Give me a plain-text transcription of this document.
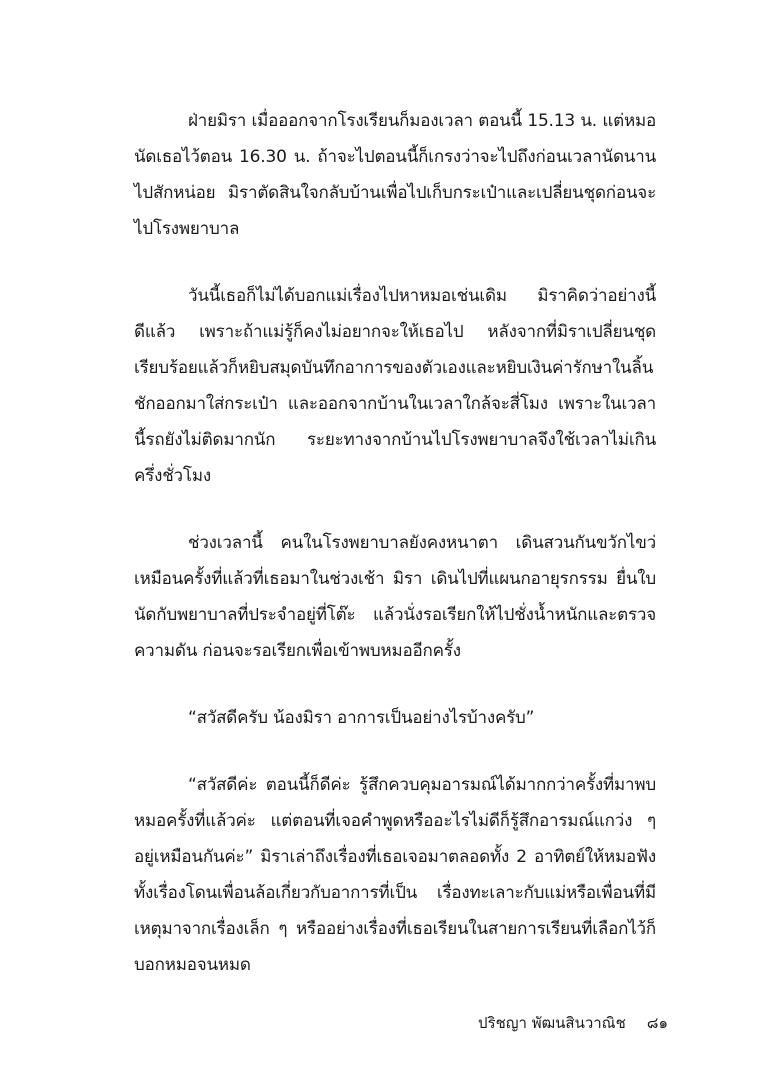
ฝ่ายมิรา เมื่อออกจากโรงเรียนก็มองเวลา ตอนนี้ 15.13 น. แต่หมอนัดเธอไว้ตอน 16.30 น. ถ้าจะไปตอนนี้ก็เกรงว่าจะไปถึงก่อนเวลานัดนานไปสักหน่อย มิราตัดสินใจกลับบ้านเพื่อไปเก็บกระเป๋าและเปลี่ยนชุดก่อนจะไปโรงพยาบาล

วันนี้เธอก็ไม่ได้บอกแม่เรื่องไปหาหมอเช่นเดิม มิราคิดว่าอย่างนี้ดีแล้ว เพราะถ้าแม่รู้ก็คงไม่อยากจะให้เธอไป หลังจากที่มิราเปลี่ยนชุดเรียบร้อยแล้วก็หยิบสมุดบันทึกอาการของตัวเองและหยิบเงินค่ารักษาในลิ้นชักออกมาใส่กระเป๋า และออกจากบ้านในเวลาใกล้จะสี่โมง เพราะในเวลานี้รถยังไม่ติดมากนัก ระยะทางจากบ้านไปโรงพยาบาลจึงใช้เวลาไม่เกินครึ่งชั่วโมง

ช่วงเวลานี้ คนในโรงพยาบาลยังคงหนาตา เดินสวนกันขวักไขว่เหมือนครั้งที่แล้วที่เธอมาในช่วงเช้า มิรา เดินไปที่แผนกอายุรกรรม ยื่นใบนัดกับพยาบาลที่ประจำอยู่ที่โต๊ะ แล้วนั่งรอเรียกให้ไปชั่งน้ำหนักและตรวจความดัน ก่อนจะรอเรียกเพื่อเข้าพบหมออีกครั้ง

“สวัสดีครับ น้องมิรา อาการเป็นอย่างไรบ้างครับ”

“สวัสดีค่ะ ตอนนี้ก็ดีค่ะ รู้สึกควบคุมอารมณ์ได้มากกว่าครั้งที่มาพบหมอครั้งที่แล้วค่ะ แต่ตอนที่เจอคำพูดหรืออะไรไม่ดีก็รู้สึกอารมณ์แกว่ง ๆ อยู่เหมือนกันค่ะ” มิราเล่าถึงเรื่องที่เธอเจอมาตลอดทั้ง 2 อาทิตย์ให้หมอฟัง ทั้งเรื่องโดนเพื่อนล้อเกี่ยวกับอาการที่เป็น เรื่องทะเลาะกับแม่หรือเพื่อนที่มีเหตุมาจากเรื่องเล็ก ๆ หรืออย่างเรื่องที่เธอเรียนในสายการเรียนที่เลือกไว้ก็บอกหมอจนหมด

ปริชญา พัฒนสินวาณิช ๘๑
